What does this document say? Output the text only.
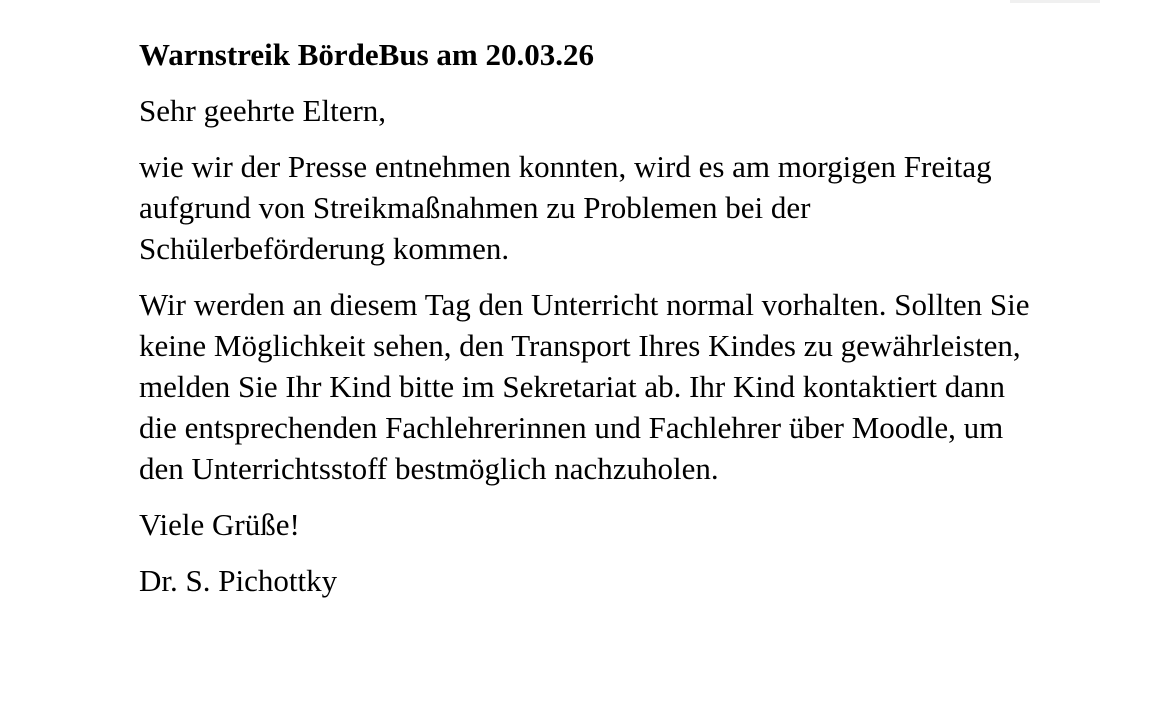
Warnstreik BördeBus am 20.03.26

Sehr geehrte Eltern,

wie wir der Presse entnehmen konnten, wird es am morgigen Freitag aufgrund von Streikmaßnahmen zu Problemen bei der Schülerbeförderung kommen.

Wir werden an diesem Tag den Unterricht normal vorhalten. Sollten Sie keine Möglichkeit sehen, den Transport Ihres Kindes zu gewährleisten, melden Sie Ihr Kind bitte im Sekretariat ab. Ihr Kind kontaktiert dann die entsprechenden Fachlehrerinnen und Fachlehrer über Moodle, um den Unterrichtsstoff bestmöglich nachzuholen.

Viele Grüße!

Dr. S. Pichottky
